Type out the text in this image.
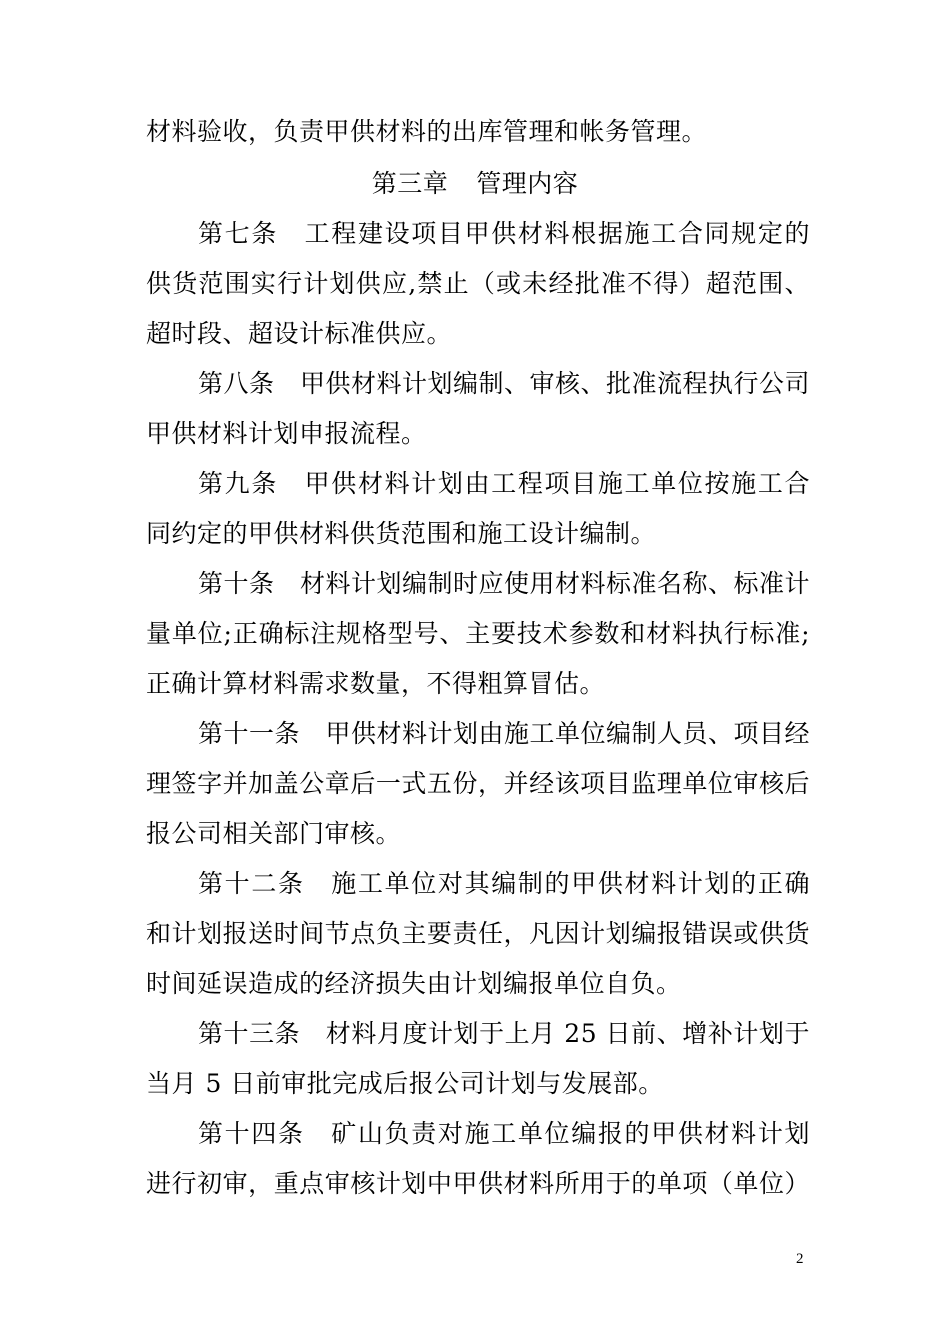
材料验收，负责甲供材料的出库管理和帐务管理。
第三章 管理内容
第七条　工程建设项目甲供材料根据施工合同规定的
供货范围实行计划供应,禁止（或未经批准不得）超范围、
超时段、超设计标准供应。
第八条　甲供材料计划编制、审核、批准流程执行公司
甲供材料计划申报流程。
第九条　甲供材料计划由工程项目施工单位按施工合
同约定的甲供材料供货范围和施工设计编制。
第十条　材料计划编制时应使用材料标准名称、标准计
量单位;正确标注规格型号、主要技术参数和材料执行标准;
正确计算材料需求数量，不得粗算冒估。
第十一条　甲供材料计划由施工单位编制人员、项目经
理签字并加盖公章后一式五份，并经该项目监理单位审核后
报公司相关部门审核。
第十二条　施工单位对其编制的甲供材料计划的正确
和计划报送时间节点负主要责任，凡因计划编报错误或供货
时间延误造成的经济损失由计划编报单位自负。
第十三条　材料月度计划于上月 25 日前、增补计划于
当月 5 日前审批完成后报公司计划与发展部。
第十四条　矿山负责对施工单位编报的甲供材料计划
进行初审，重点审核计划中甲供材料所用于的单项（单位）
2
